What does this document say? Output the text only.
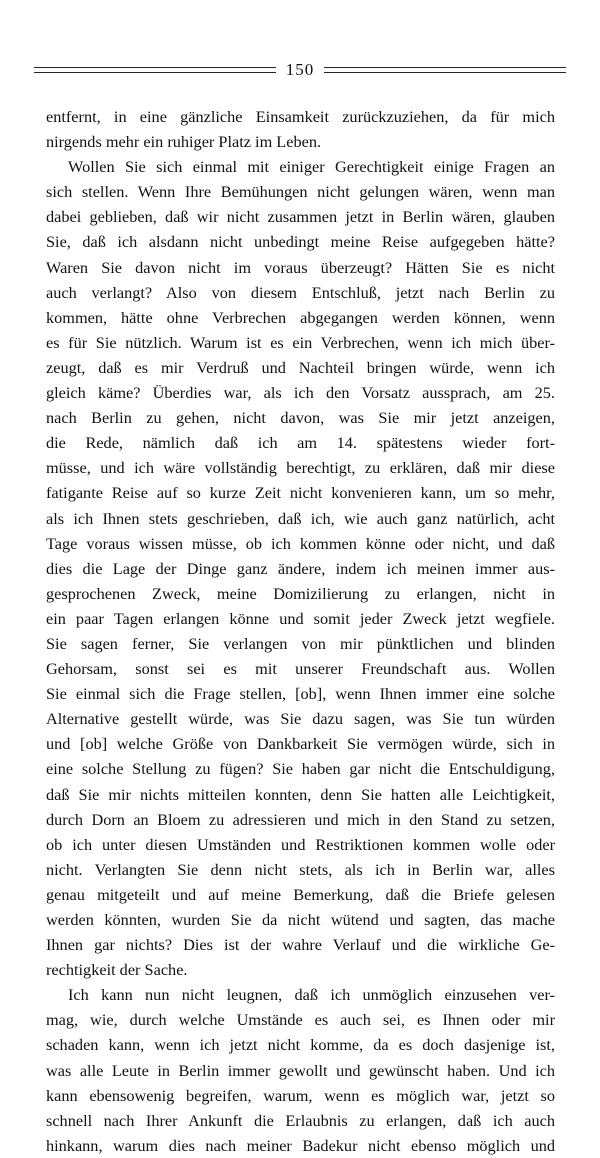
150
entfernt, in eine gänzliche Einsamkeit zurückzuziehen, da für mich
nirgends mehr ein ruhiger Platz im Leben.
Wollen Sie sich einmal mit einiger Gerechtigkeit einige Fragen an
sich stellen. Wenn Ihre Bemühungen nicht gelungen wären, wenn man
dabei geblieben, daß wir nicht zusammen jetzt in Berlin wären, glauben
Sie, daß ich alsdann nicht unbedingt meine Reise aufgegeben hätte?
Waren Sie davon nicht im voraus überzeugt? Hätten Sie es nicht
auch verlangt? Also von diesem Entschluß, jetzt nach Berlin zu
kommen, hätte ohne Verbrechen abgegangen werden können, wenn
es für Sie nützlich. Warum ist es ein Verbrechen, wenn ich mich über-
zeugt, daß es mir Verdruß und Nachteil bringen würde, wenn ich
gleich käme? Überdies war, als ich den Vorsatz aussprach, am 25.
nach Berlin zu gehen, nicht davon, was Sie mir jetzt anzeigen,
die Rede, nämlich daß ich am 14. spätestens wieder fort-
müsse, und ich wäre vollständig berechtigt, zu erklären, daß mir diese
fatigante Reise auf so kurze Zeit nicht konvenieren kann, um so mehr,
als ich Ihnen stets geschrieben, daß ich, wie auch ganz natürlich, acht
Tage voraus wissen müsse, ob ich kommen könne oder nicht, und daß
dies die Lage der Dinge ganz ändere, indem ich meinen immer aus-
gesprochenen Zweck, meine Domizilierung zu erlangen, nicht in
ein paar Tagen erlangen könne und somit jeder Zweck jetzt wegfiele.
Sie sagen ferner, Sie verlangen von mir pünktlichen und blinden
Gehorsam, sonst sei es mit unserer Freundschaft aus. Wollen
Sie einmal sich die Frage stellen, [ob], wenn Ihnen immer eine solche
Alternative gestellt würde, was Sie dazu sagen, was Sie tun würden
und [ob] welche Größe von Dankbarkeit Sie vermögen würde, sich in
eine solche Stellung zu fügen? Sie haben gar nicht die Entschuldigung,
daß Sie mir nichts mitteilen konnten, denn Sie hatten alle Leichtigkeit,
durch Dorn an Bloem zu adressieren und mich in den Stand zu setzen,
ob ich unter diesen Umständen und Restriktionen kommen wolle oder
nicht. Verlangten Sie denn nicht stets, als ich in Berlin war, alles
genau mitgeteilt und auf meine Bemerkung, daß die Briefe gelesen
werden könnten, wurden Sie da nicht wütend und sagten, das mache
Ihnen gar nichts? Dies ist der wahre Verlauf und die wirkliche Ge-
rechtigkeit der Sache.
Ich kann nun nicht leugnen, daß ich unmöglich einzusehen ver-
mag, wie, durch welche Umstände es auch sei, es Ihnen oder mir
schaden kann, wenn ich jetzt nicht komme, da es doch dasjenige ist,
was alle Leute in Berlin immer gewollt und gewünscht haben. Und ich
kann ebensowenig begreifen, warum, wenn es möglich war, jetzt so
schnell nach Ihrer Ankunft die Erlaubnis zu erlangen, daß ich auch
hinkann, warum dies nach meiner Badekur nicht ebenso möglich und
